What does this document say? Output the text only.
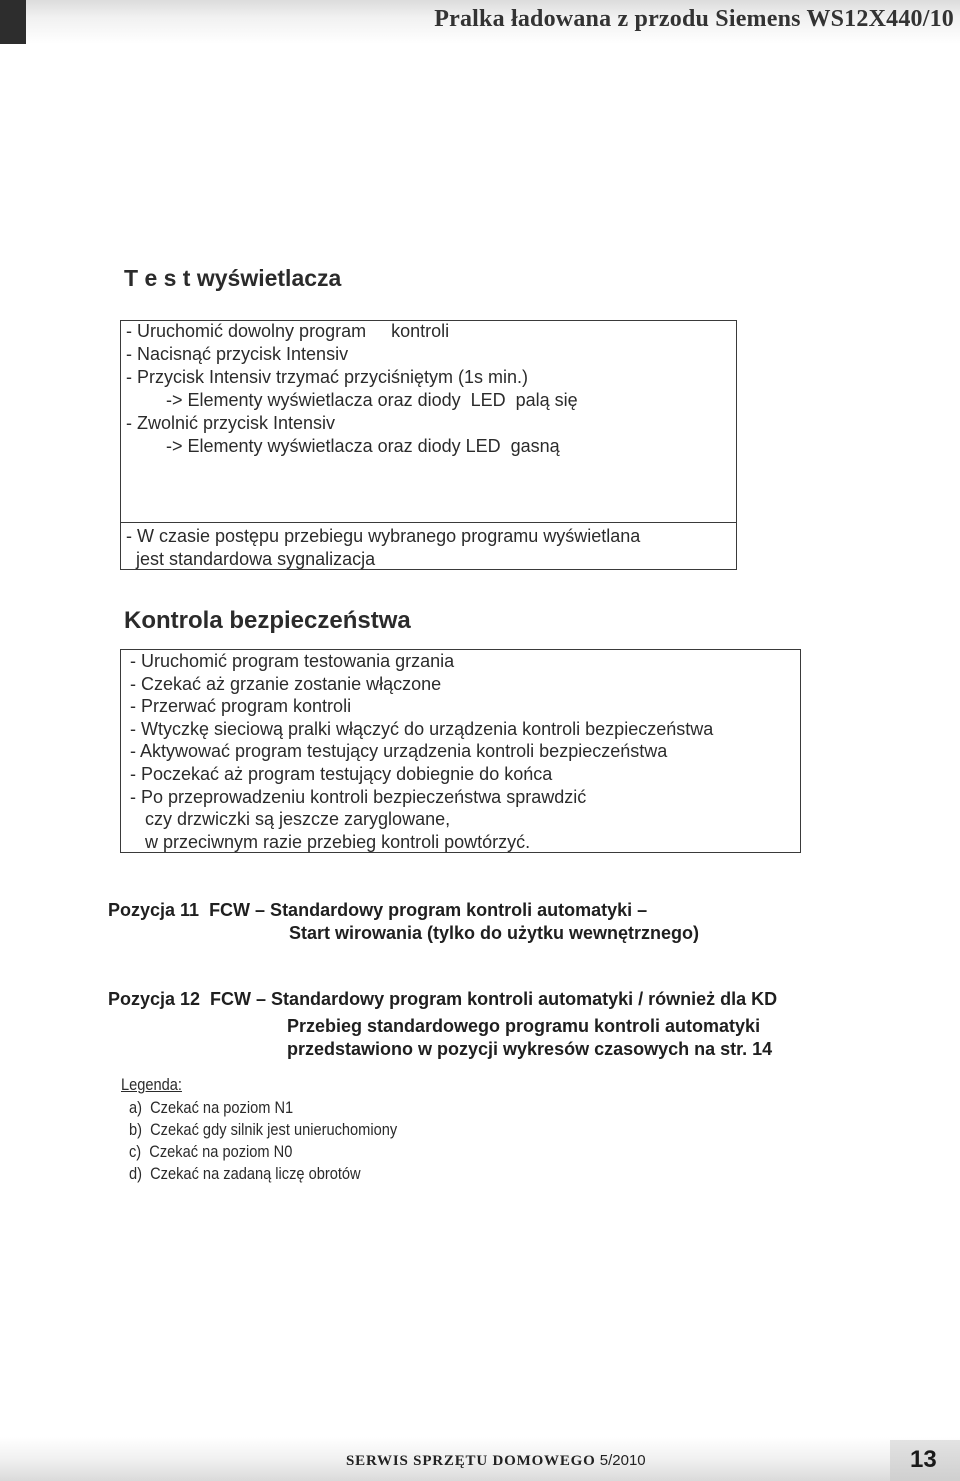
Pralka ładowana z przodu Siemens WS12X440/10
T e s t wyświetlacza
- Uruchomić dowolny program     kontroli
- Nacisnąć przycisk Intensiv
- Przycisk Intensiv trzymać przyciśniętym (1s min.)
-> Elementy wyświetlacza oraz diody  LED  palą się
- Zwolnić przycisk Intensiv
-> Elementy wyświetlacza oraz diody LED  gasną
- W czasie postępu przebiegu wybranego programu wyświetlana
jest standardowa sygnalizacja
Kontrola bezpieczeństwa
- Uruchomić program testowania grzania
- Czekać aż grzanie zostanie włączone
- Przerwać program kontroli
- Wtyczkę sieciową pralki włączyć do urządzenia kontroli bezpieczeństwa
- Aktywować program testujący urządzenia kontroli bezpieczeństwa
- Poczekać aż program testujący dobiegnie do końca
- Po przeprowadzeniu kontroli bezpieczeństwa sprawdzić
czy drzwiczki są jeszcze zaryglowane,
w przeciwnym razie przebieg kontroli powtórzyć.
Pozycja 11  FCW – Standardowy program kontroli automatyki –
Start wirowania (tylko do użytku wewnętrznego)
Pozycja 12  FCW – Standardowy program kontroli automatyki / również dla KD
Przebieg standardowego programu kontroli automatyki
przedstawiono w pozycji wykresów czasowych na str. 14
Legenda:
a)  Czekać na poziom N1
b)  Czekać gdy silnik jest unieruchomiony
c)  Czekać na poziom N0
d)  Czekać na zadaną liczę obrotów
SERWIS SPRZĘTU DOMOWEGO 5/2010	13
